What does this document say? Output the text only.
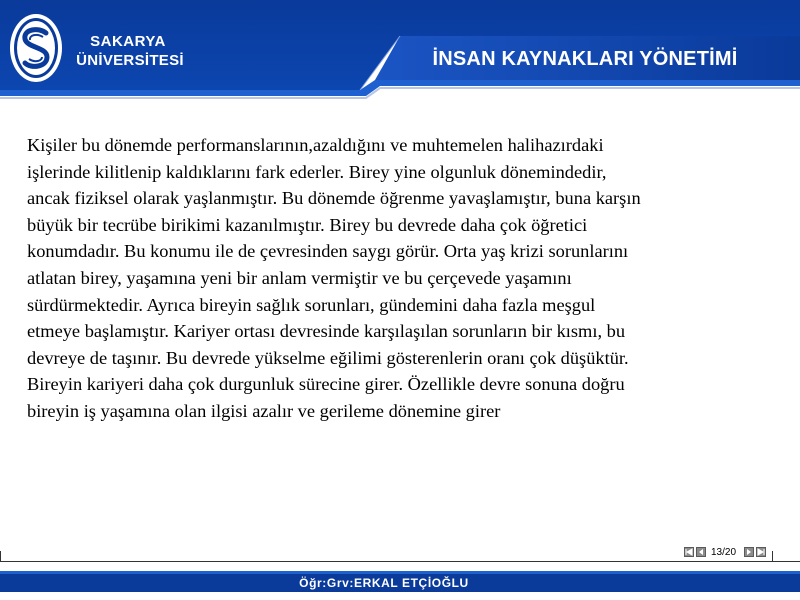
SAKARYA
ÜNİVERSİTESİ	İNSAN KAYNAKLARI YÖNETİMİ
Kişiler bu dönemde performanslarının,azaldığını ve muhtemelen halihazırdaki
işlerinde kilitlenip kaldıklarını fark ederler. Birey yine olgunluk dönemindedir,
ancak fiziksel olarak yaşlanmıştır. Bu dönemde öğrenme yavaşlamıştır, buna karşın
büyük bir tecrübe birikimi kazanılmıştır. Birey bu devrede daha çok öğretici
konumdadır. Bu konumu ile de çevresinden saygı görür. Orta yaş krizi sorunlarını
atlatan birey, yaşamına yeni bir anlam vermiştir ve bu çerçevede yaşamını
sürdürmektedir. Ayrıca bireyin sağlık sorunları, gündemini daha fazla meşgul
etmeye başlamıştır. Kariyer ortası devresinde karşılaşılan sorunların bir kısmı, bu
devreye de taşınır. Bu devrede yükselme eğilimi gösterenlerin oranı çok düşüktür.
Bireyin kariyeri daha çok durgunluk sürecine girer. Özellikle devre sonuna doğru
bireyin iş yaşamına olan ilgisi azalır ve gerileme dönemine girer
13/20
Öğr:Grv:ERKAL ETÇİOĞLU
